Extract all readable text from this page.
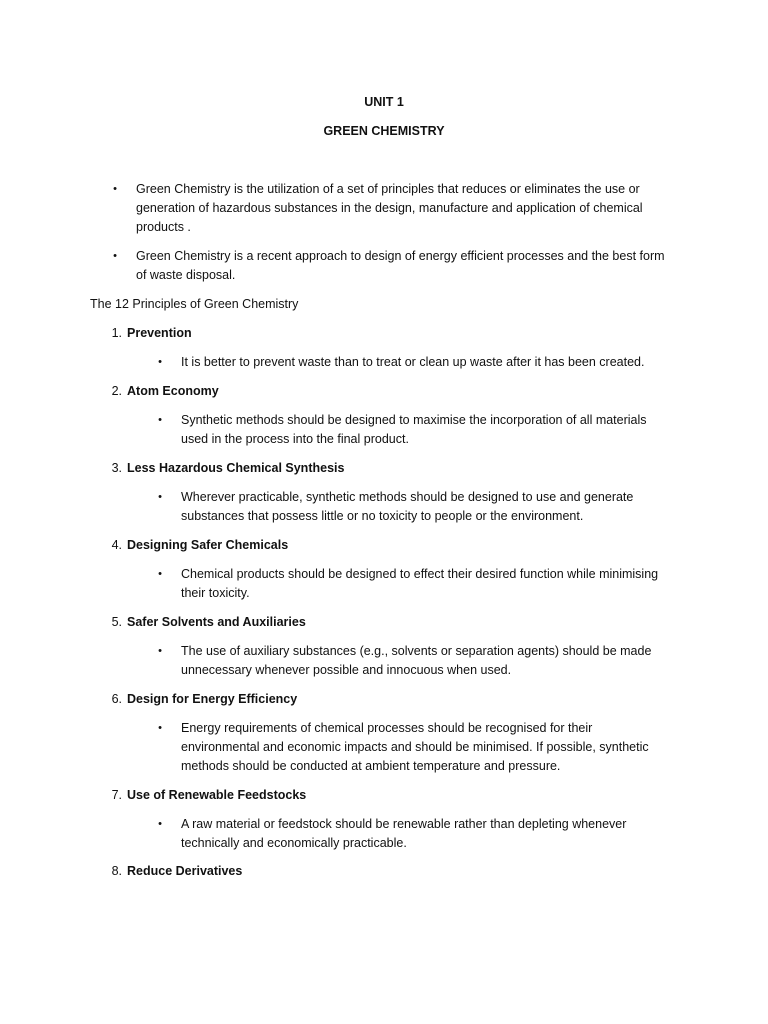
UNIT 1
GREEN CHEMISTRY
• Green Chemistry is the utilization of a set of principles that reduces or eliminates the use or generation of hazardous substances in the design, manufacture and application of chemical products .
• Green Chemistry is a recent approach to design of energy efficient processes and the best form of waste disposal.
The 12 Principles of Green Chemistry
1. Prevention
• It is better to prevent waste than to treat or clean up waste after it has been created.
2. Atom Economy
• Synthetic methods should be designed to maximise the incorporation of all materials used in the process into the final product.
3. Less Hazardous Chemical Synthesis
• Wherever practicable, synthetic methods should be designed to use and generate substances that possess little or no toxicity to people or the environment.
4. Designing Safer Chemicals
• Chemical products should be designed to effect their desired function while minimising their toxicity.
5. Safer Solvents and Auxiliaries
• The use of auxiliary substances (e.g., solvents or separation agents) should be made unnecessary whenever possible and innocuous when used.
6. Design for Energy Efficiency
• Energy requirements of chemical processes should be recognised for their environmental and economic impacts and should be minimised. If possible, synthetic methods should be conducted at ambient temperature and pressure.
7. Use of Renewable Feedstocks
• A raw material or feedstock should be renewable rather than depleting whenever technically and economically practicable.
8. Reduce Derivatives
